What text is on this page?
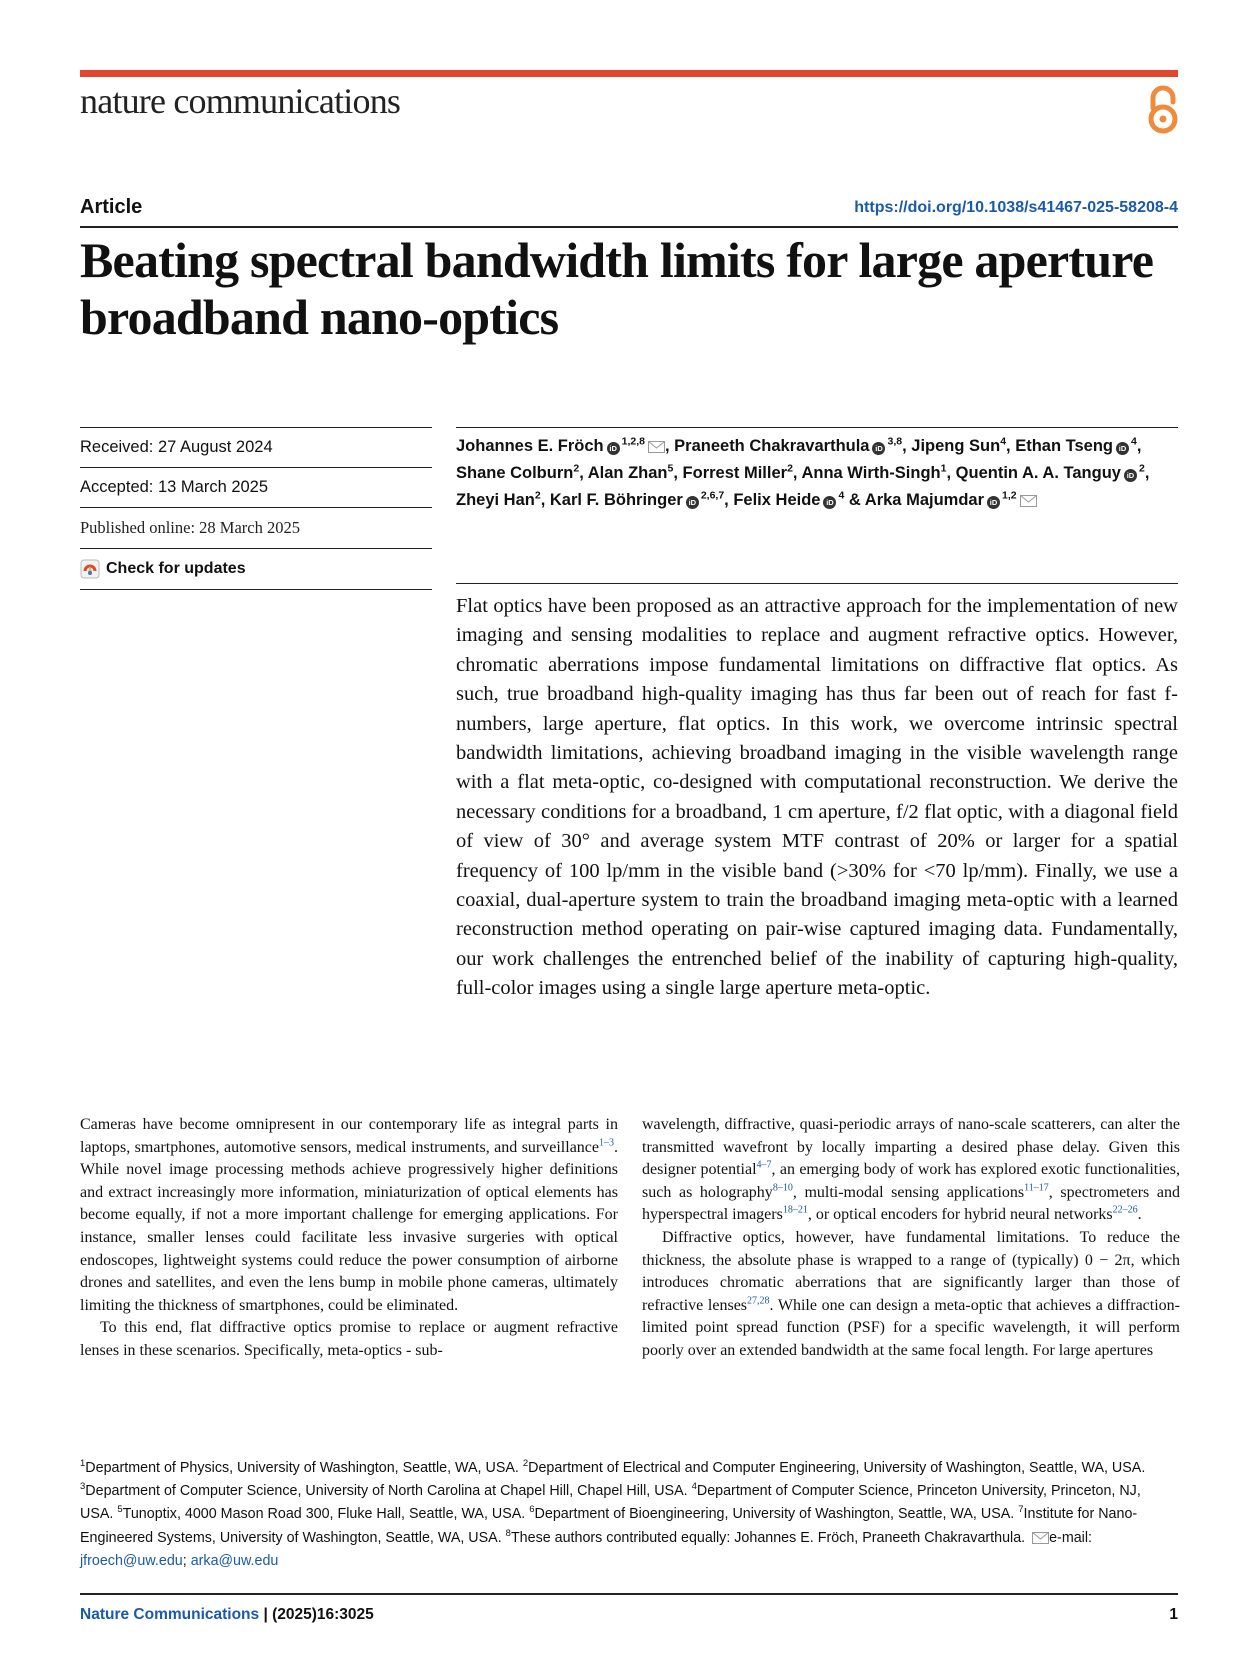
nature communications
Article	https://doi.org/10.1038/s41467-025-58208-4
Beating spectral bandwidth limits for large aperture broadband nano-optics
Received: 27 August 2024
Accepted: 13 March 2025
Published online: 28 March 2025
Check for updates

Johannes E. Fröch iD$^{1,2,8}$ , Praneeth Chakravarthula iD$^{3,8}$, Jipeng Sun$^4$, Ethan Tseng $iD^4$, Shane Colburn$^2$, Alan Zhan$^5$, Forrest Miller$^2$, Anna Wirth-Singh$^1$, Quentin A. A. Tanguy $iD^2$, Zheyi Han$^2$, Karl F. Böhringer iD$^{2,6,7}$, Felix Heide $iD^4$ & Arka Majumdar iD$^{1,2}$

Flat optics have been proposed as an attractive approach for the implementation of new imaging and sensing modalities to replace and augment refractive optics. However, chromatic aberrations impose fundamental limitations on diffractive flat optics. As such, true broadband high-quality imaging has thus far been out of reach for fast f-numbers, large aperture, flat optics. In this work, we overcome intrinsic spectral bandwidth limitations, achieving broadband imaging in the visible wavelength range with a flat meta-optic, co-designed with computational reconstruction. We derive the necessary conditions for a broadband, 1 cm aperture, f/2 flat optic, with a diagonal field of view of 30° and average system MTF contrast of 20% or larger for a spatial frequency of 100 lp/mm in the visible band (>30% for <70 lp/mm). Finally, we use a coaxial, dual-aperture system to train the broadband imaging meta-optic with a learned reconstruction method operating on pair-wise captured imaging data. Fundamentally, our work challenges the entrenched belief of the inability of capturing high-quality, full-color images using a single large aperture meta-optic.

Cameras have become omnipresent in our contemporary life as integral parts in laptops, smartphones, automotive sensors, medical instruments, and surveillance$^{1-3}$. While novel image processing methods achieve progressively higher definitions and extract increasingly more information, miniaturization of optical elements has become equally, if not a more important challenge for emerging applications. For instance, smaller lenses could facilitate less invasive surgeries with optical endoscopes, lightweight systems could reduce the power consumption of airborne drones and satellites, and even the lens bump in mobile phone cameras, ultimately limiting the thickness of smartphones, could be eliminated.

To this end, flat diffractive optics promise to replace or augment refractive lenses in these scenarios. Specifically, meta-optics - sub-

wavelength, diffractive, quasi-periodic arrays of nano-scale scatterers, can alter the transmitted wavefront by locally imparting a desired phase delay. Given this designer potential$^{4-7}$, an emerging body of work has explored exotic functionalities, such as holography$^{8-10}$, multi-modal sensing applications$^{11-17}$, spectrometers and hyperspectral imagers$^{18-21}$, or optical encoders for hybrid neural networks$^{22-26}$.

Diffractive optics, however, have fundamental limitations. To reduce the thickness, the absolute phase is wrapped to a range of (typically) 0 − 2π, which introduces chromatic aberrations that are significantly larger than those of refractive lenses$^{27,28}$. While one can design a meta-optic that achieves a diffraction-limited point spread function (PSF) for a specific wavelength, it will perform poorly over an extended bandwidth at the same focal length. For large apertures

$^1$Department of Physics, University of Washington, Seattle, WA, USA. $^2$Department of Electrical and Computer Engineering, University of Washington, Seattle, WA, USA. $^3$Department of Computer Science, University of North Carolina at Chapel Hill, Chapel Hill, USA. $^4$Department of Computer Science, Princeton University, Princeton, NJ, USA. $^5$Tunoptix, 4000 Mason Road 300, Fluke Hall, Seattle, WA, USA. $^6$Department of Bioengineering, University of Washington, Seattle, WA, USA. $^7$Institute for Nano-Engineered Systems, University of Washington, Seattle, WA, USA. $^8$These authors contributed equally: Johannes E. Fröch, Praneeth Chakravarthula. e-mail: jfroech@uw.edu; arka@uw.edu

Nature Communications | (2025)16:3025	1
